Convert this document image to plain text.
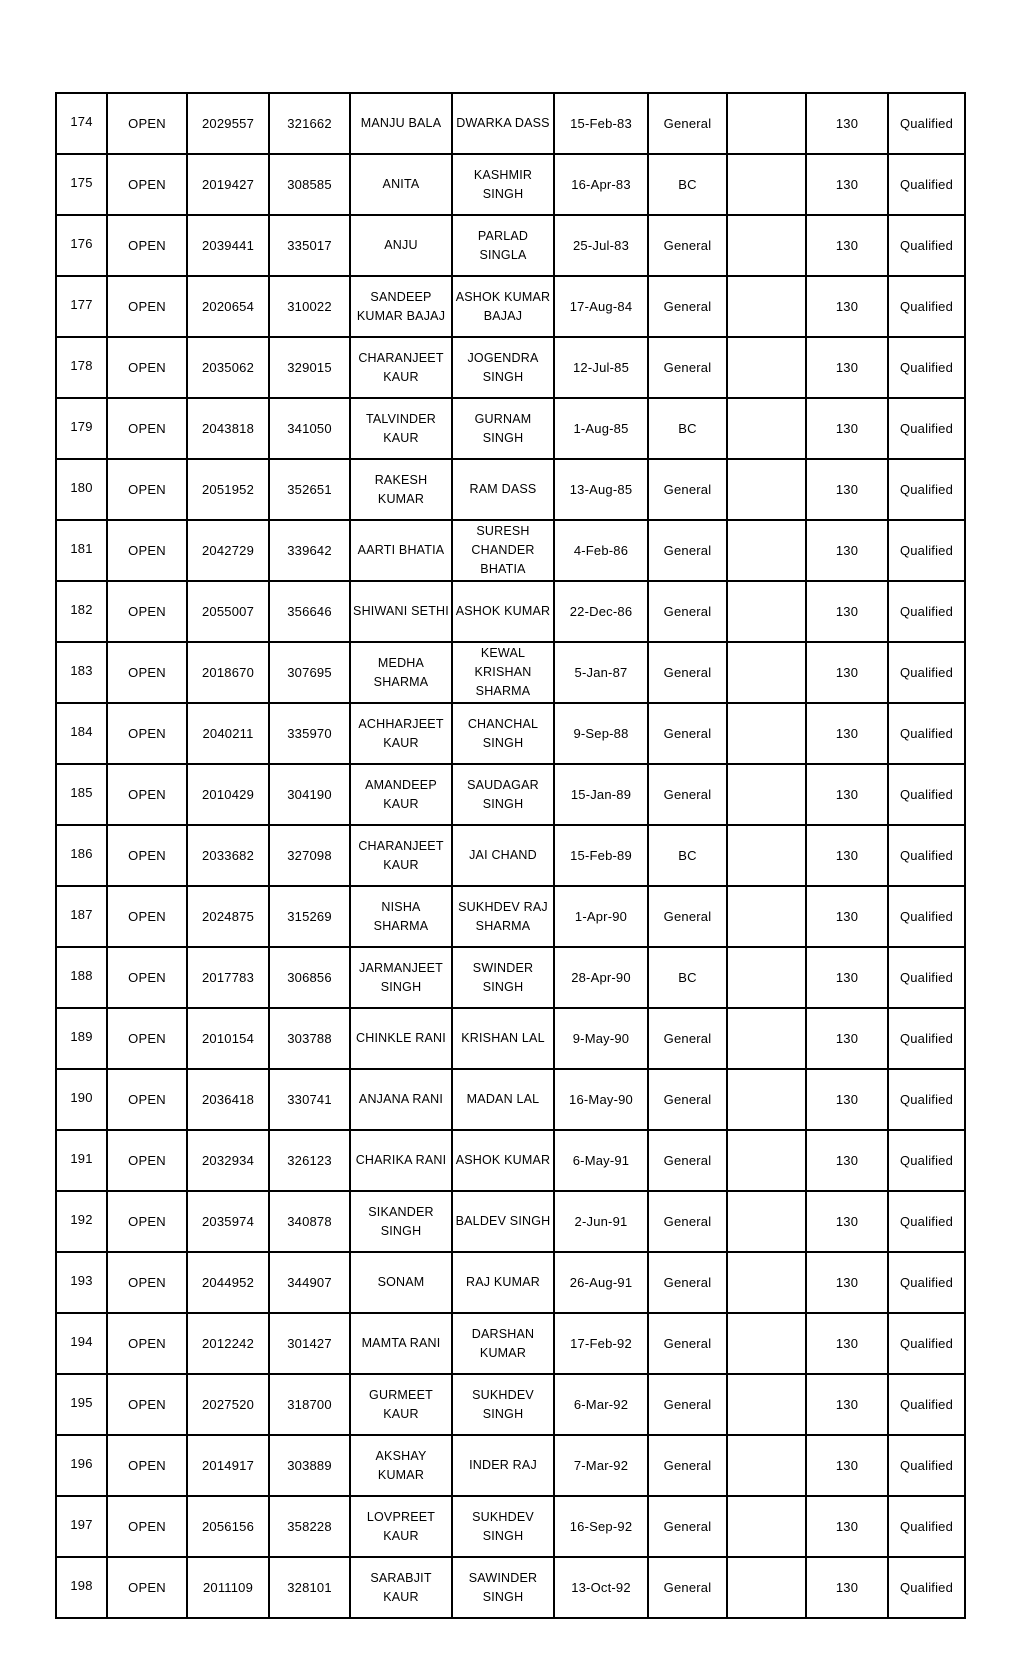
174	OPEN	2029557	321662	MANJU BALA	DWARKA DASS	15-Feb-83	General		130	Qualified
175	OPEN	2019427	308585	ANITA	KASHMIR SINGH	16-Apr-83	BC		130	Qualified
176	OPEN	2039441	335017	ANJU	PARLAD SINGLA	25-Jul-83	General		130	Qualified
177	OPEN	2020654	310022	SANDEEP KUMAR BAJAJ	ASHOK KUMAR BAJAJ	17-Aug-84	General		130	Qualified
178	OPEN	2035062	329015	CHARANJEET KAUR	JOGENDRA SINGH	12-Jul-85	General		130	Qualified
179	OPEN	2043818	341050	TALVINDER KAUR	GURNAM SINGH	1-Aug-85	BC		130	Qualified
180	OPEN	2051952	352651	RAKESH KUMAR	RAM DASS	13-Aug-85	General		130	Qualified
181	OPEN	2042729	339642	AARTI BHATIA	SURESH CHANDER BHATIA	4-Feb-86	General		130	Qualified
182	OPEN	2055007	356646	SHIWANI SETHI	ASHOK KUMAR	22-Dec-86	General		130	Qualified
183	OPEN	2018670	307695	MEDHA SHARMA	KEWAL KRISHAN SHARMA	5-Jan-87	General		130	Qualified
184	OPEN	2040211	335970	ACHHARJEET KAUR	CHANCHAL SINGH	9-Sep-88	General		130	Qualified
185	OPEN	2010429	304190	AMANDEEP KAUR	SAUDAGAR SINGH	15-Jan-89	General		130	Qualified
186	OPEN	2033682	327098	CHARANJEET KAUR	JAI CHAND	15-Feb-89	BC		130	Qualified
187	OPEN	2024875	315269	NISHA SHARMA	SUKHDEV RAJ SHARMA	1-Apr-90	General		130	Qualified
188	OPEN	2017783	306856	JARMANJEET SINGH	SWINDER SINGH	28-Apr-90	BC		130	Qualified
189	OPEN	2010154	303788	CHINKLE RANI	KRISHAN LAL	9-May-90	General		130	Qualified
190	OPEN	2036418	330741	ANJANA RANI	MADAN LAL	16-May-90	General		130	Qualified
191	OPEN	2032934	326123	CHARIKA RANI	ASHOK KUMAR	6-May-91	General		130	Qualified
192	OPEN	2035974	340878	SIKANDER SINGH	BALDEV SINGH	2-Jun-91	General		130	Qualified
193	OPEN	2044952	344907	SONAM	RAJ KUMAR	26-Aug-91	General		130	Qualified
194	OPEN	2012242	301427	MAMTA RANI	DARSHAN KUMAR	17-Feb-92	General		130	Qualified
195	OPEN	2027520	318700	GURMEET KAUR	SUKHDEV SINGH	6-Mar-92	General		130	Qualified
196	OPEN	2014917	303889	AKSHAY KUMAR	INDER RAJ	7-Mar-92	General		130	Qualified
197	OPEN	2056156	358228	LOVPREET KAUR	SUKHDEV SINGH	16-Sep-92	General		130	Qualified
198	OPEN	2011109	328101	SARABJIT KAUR	SAWINDER SINGH	13-Oct-92	General		130	Qualified
